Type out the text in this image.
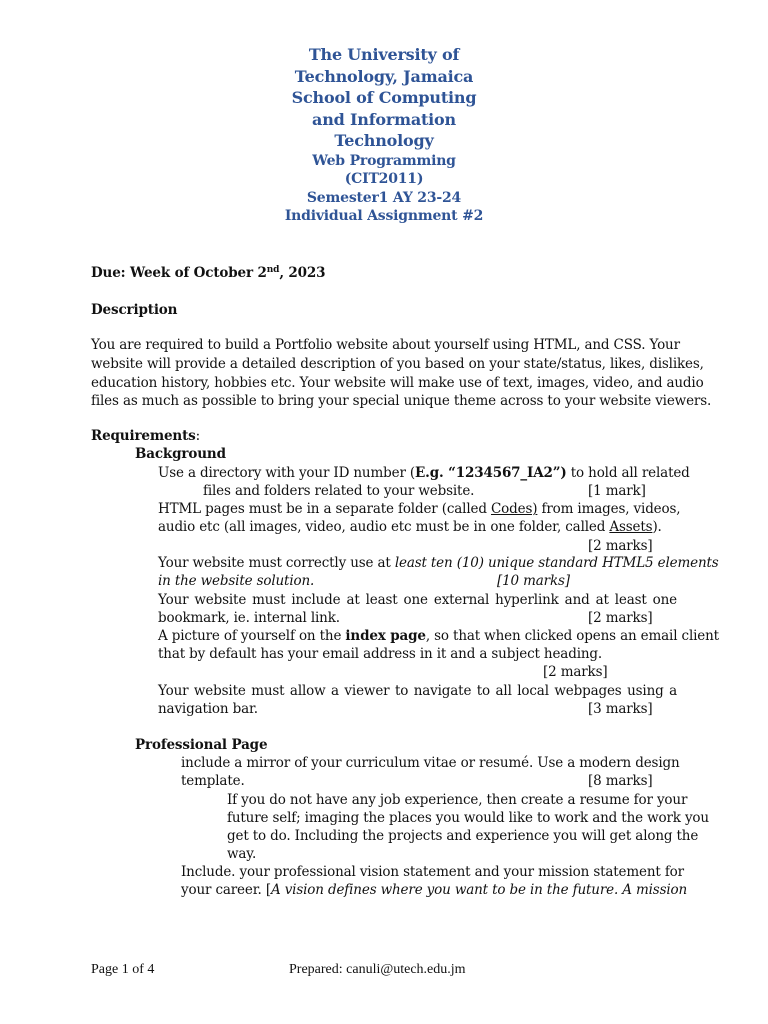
The University of
Technology, Jamaica
School of Computing
and Information
Technology
Web Programming
(CIT2011)
Semester1 AY 23-24
Individual Assignment #2
Due: Week of October 2nd, 2023
Description
You are required to build a Portfolio website about yourself using HTML, and CSS. Your
website will provide a detailed description of you based on your state/status, likes, dislikes,
education history, hobbies etc. Your website will make use of text, images, video, and audio
files as much as possible to bring your special unique theme across to your website viewers.
Requirements:
Background
Use a directory with your ID number (E.g. “1234567_IA2”) to hold all related
files and folders related to your website.	[1 mark]
HTML pages must be in a separate folder (called Codes) from images, videos,
audio etc (all images, video, audio etc must be in one folder, called Assets).
[2 marks]
Your website must correctly use at least ten (10) unique standard HTML5 elements
in the website solution.	[10 marks]
Your website must include at least one external hyperlink and at least one
bookmark, ie. internal link.	[2 marks]
A picture of yourself on the index page, so that when clicked opens an email client
that by default has your email address in it and a subject heading.
[2 marks]
Your website must allow a viewer to navigate to all local webpages using a
navigation bar.	[3 marks]
Professional Page
include a mirror of your curriculum vitae or resumé. Use a modern design
template.	[8 marks]
If you do not have any job experience, then create a resume for your
future self; imaging the places you would like to work and the work you
get to do. Including the projects and experience you will get along the
way.
Include. your professional vision statement and your mission statement for
your career. [A vision defines where you want to be in the future. A mission
Page 1 of 4	Prepared: canuli@utech.edu.jm
